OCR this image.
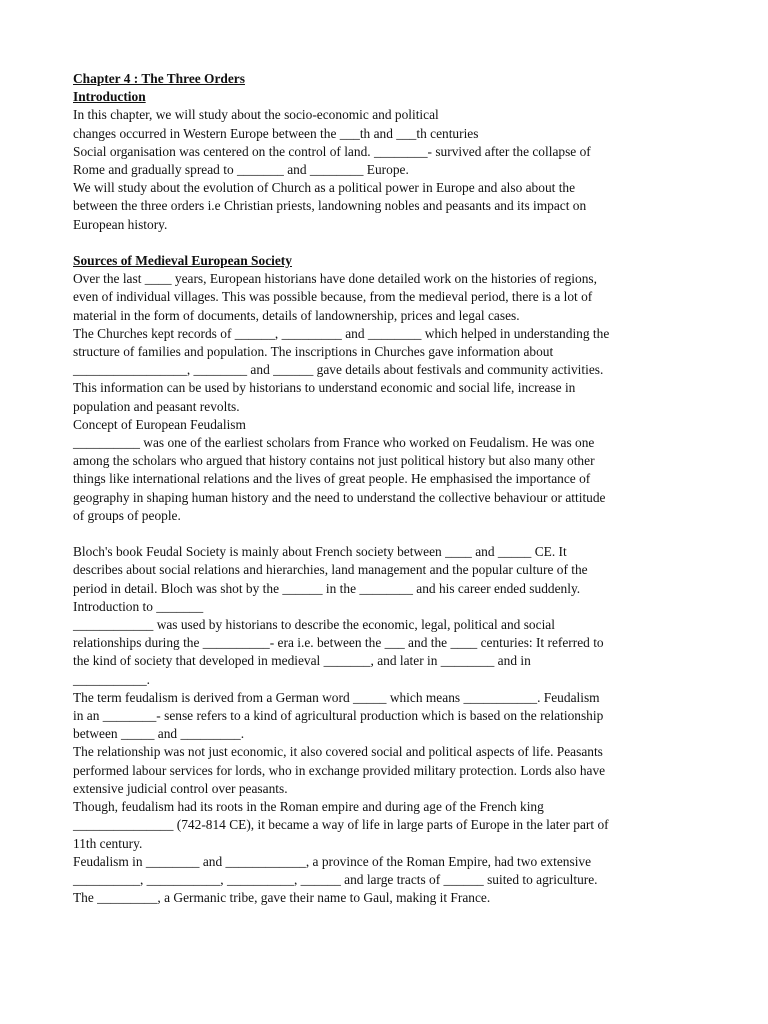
Chapter 4 : The Three Orders
Introduction
In this chapter, we will study about the socio-economic and political
changes occurred in Western Europe between the ___th and ___th centuries
Social organisation was centered on the control of land. ________- survived after the collapse of
Rome and gradually spread to _______ and ________ Europe.
We will study about the evolution of Church as a political power in Europe and also about the
between the three orders i.e Christian priests, landowning nobles and peasants and its impact on
European history.
Sources of Medieval European Society
Over the last ____ years, European historians have done detailed work on the histories of regions,
even of individual villages. This was possible because, from the medieval period, there is a lot of
material in the form of documents, details of landownership, prices and legal cases.
The Churches kept records of ______, _________ and ________ which helped in understanding the
structure of families and population. The inscriptions in Churches gave information about
_________________, ________ and ______ gave details about festivals and community activities.
This information can be used by historians to understand economic and social life, increase in
population and peasant revolts.
Concept of European Feudalism
__________ was one of the earliest scholars from France who worked on Feudalism. He was one
among the scholars who argued that history contains not just political history but also many other
things like international relations and the lives of great people. He emphasised the importance of
geography in shaping human history and the need to understand the collective behaviour or attitude
of groups of people.
Bloch's book Feudal Society is mainly about French society between ____ and _____ CE. It
describes about social relations and hierarchies, land management and the popular culture of the
period in detail. Bloch was shot by the ______ in the ________ and his career ended suddenly.
Introduction to _______
____________ was used by historians to describe the economic, legal, political and social
relationships during the __________- era i.e. between the ___ and the ____ centuries: It referred to
the kind of society that developed in medieval _______, and later in ________ and in
___________.
The term feudalism is derived from a German word _____ which means ___________. Feudalism
in an ________- sense refers to a kind of agricultural production which is based on the relationship
between _____ and _________.
The relationship was not just economic, it also covered social and political aspects of life. Peasants
performed labour services for lords, who in exchange provided military protection. Lords also have
extensive judicial control over peasants.
Though, feudalism had its roots in the Roman empire and during age of the French king
_______________ (742-814 CE), it became a way of life in large parts of Europe in the later part of
11th century.
Feudalism in ________ and ____________, a province of the Roman Empire, had two extensive
__________, ___________, __________, ______ and large tracts of ______ suited to agriculture.
The _________, a Germanic tribe, gave their name to Gaul, making it France.
